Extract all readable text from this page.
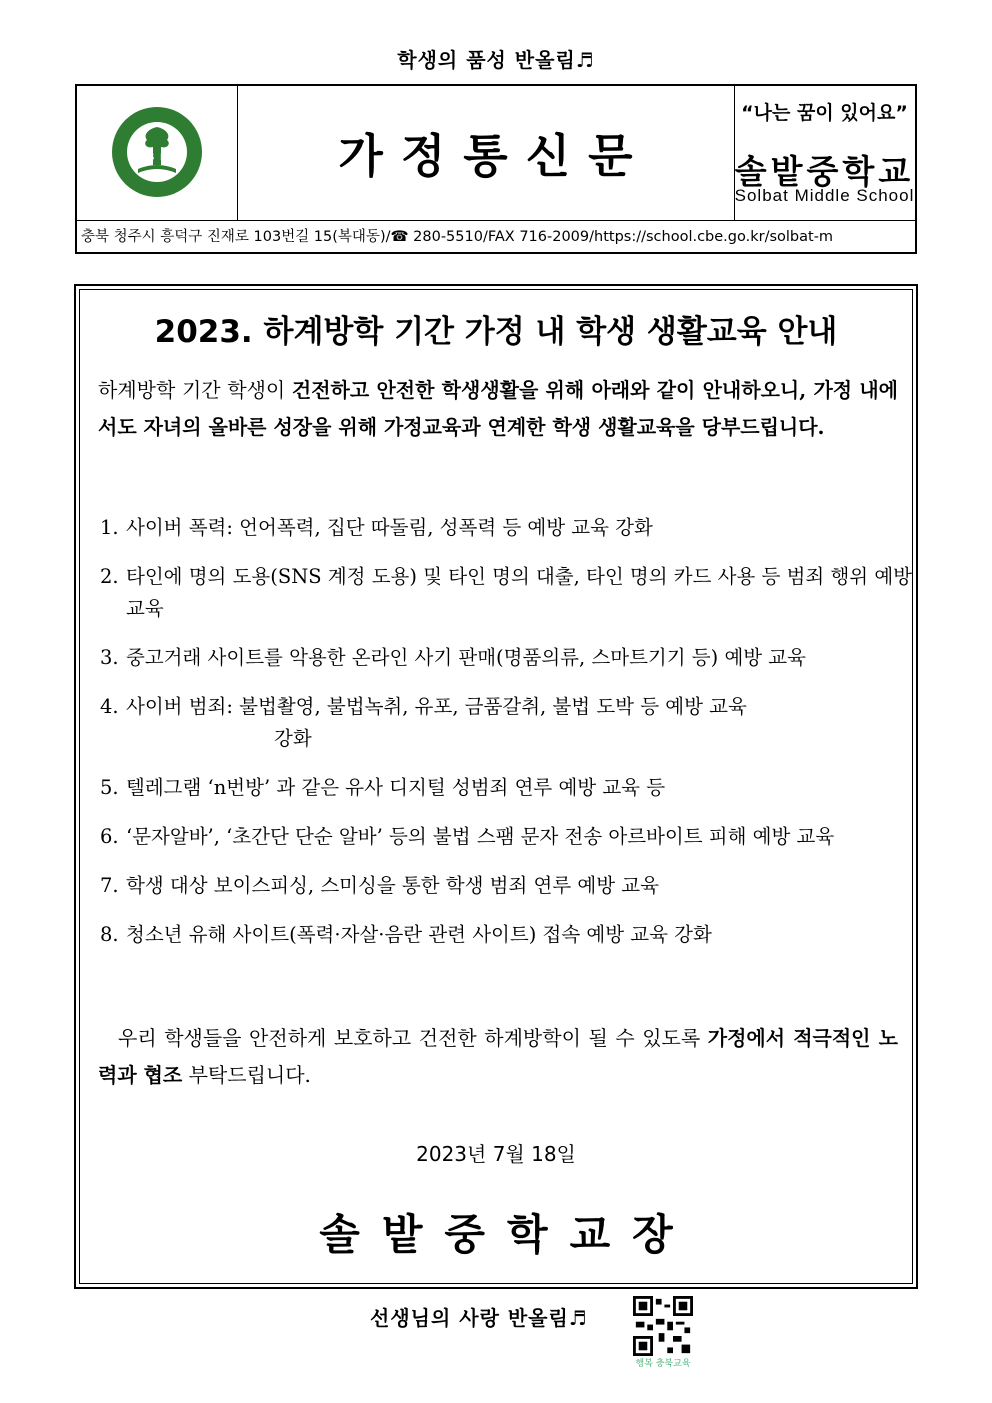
학생의 품성 반올림♬
S B	가정통신문
“나는 꿈이 있어요”
솔밭중학교
Solbat Middle School
충북 청주시 흥덕구 진재로 103번길 15(복대동)/☎ 280-5510/FAX 716-2009/https://school.cbe.go.kr/solbat-m
2023. 하계방학 기간 가정 내 학생 생활교육 안내
하계방학 기간 학생이 건전하고 안전한 학생생활을 위해 아래와 같이 안내하오니, 가정 내에서도 자녀의 올바른 성장을 위해 가정교육과 연계한 학생 생활교육을 당부드립니다.
1. 사이버 폭력: 언어폭력, 집단 따돌림, 성폭력 등 예방 교육 강화
2. 타인에 명의 도용(SNS 계정 도용) 및 타인 명의 대출, 타인 명의 카드 사용 등 범죄 행위 예방 교육
3. 중고거래 사이트를 악용한 온라인 사기 판매(명품의류, 스마트기기 등) 예방 교육
4. 사이버 범죄: 불법촬영, 불법녹취, 유포, 금품갈취, 불법 도박 등 예방 교육
강화
5. 텔레그램 ‘n번방’ 과 같은 유사 디지털 성범죄 연루 예방 교육 등
6. ‘문자알바’, ‘초간단 단순 알바’ 등의 불법 스팸 문자 전송 아르바이트 피해 예방 교육
7. 학생 대상 보이스피싱, 스미싱을 통한 학생 범죄 연루 예방 교육
8. 청소년 유해 사이트(폭력·자살·음란 관련 사이트) 접속 예방 교육 강화
우리 학생들을 안전하게 보호하고 건전한 하계방학이 될 수 있도록 가정에서 적극적인 노력과 협조 부탁드립니다.
2023년 7월 18일
솔밭중학교장
선생님의 사랑 반올림♬
행복 충북교육
